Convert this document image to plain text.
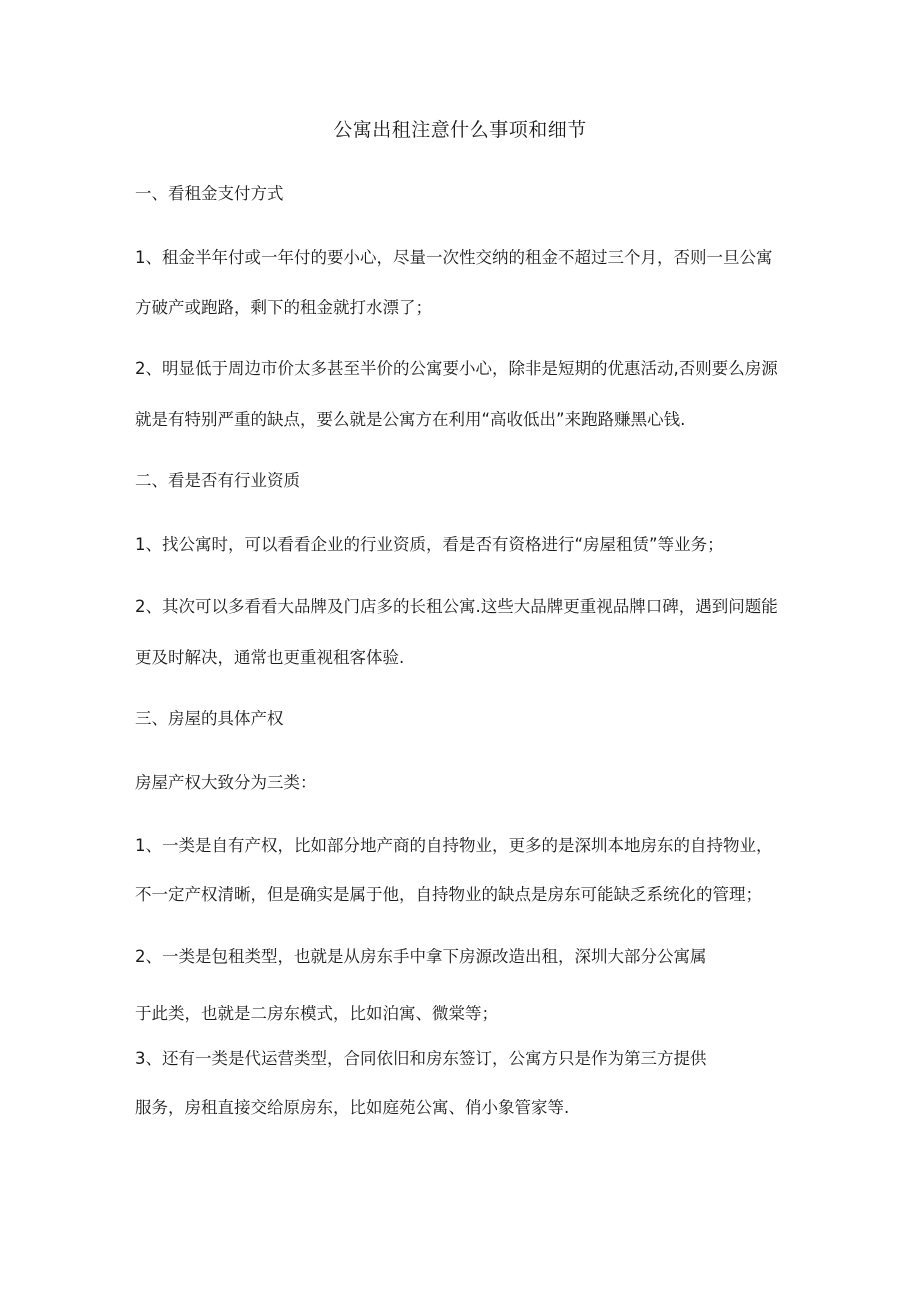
公寓出租注意什么事项和细节
一、看租金支付方式
1、租金半年付或一年付的要小心，尽量一次性交纳的租金不超过三个月，否则一旦公寓
方破产或跑路，剩下的租金就打水漂了；
2、明显低于周边市价太多甚至半价的公寓要小心，除非是短期的优惠活动,否则要么房源
就是有特别严重的缺点，要么就是公寓方在利用“高收低出”来跑路赚黑心钱.
二、看是否有行业资质
1、找公寓时，可以看看企业的行业资质，看是否有资格进行“房屋租赁”等业务；
2、其次可以多看看大品牌及门店多的长租公寓.这些大品牌更重视品牌口碑，遇到问题能
更及时解决，通常也更重视租客体验.
三、房屋的具体产权
房屋产权大致分为三类：
1、一类是自有产权，比如部分地产商的自持物业，更多的是深圳本地房东的自持物业，
不一定产权清晰，但是确实是属于他，自持物业的缺点是房东可能缺乏系统化的管理；
2、一类是包租类型，也就是从房东手中拿下房源改造出租，深圳大部分公寓属
于此类，也就是二房东模式，比如泊寓、微棠等；
3、还有一类是代运营类型，合同依旧和房东签订，公寓方只是作为第三方提供
服务，房租直接交给原房东，比如庭苑公寓、俏小象管家等.
